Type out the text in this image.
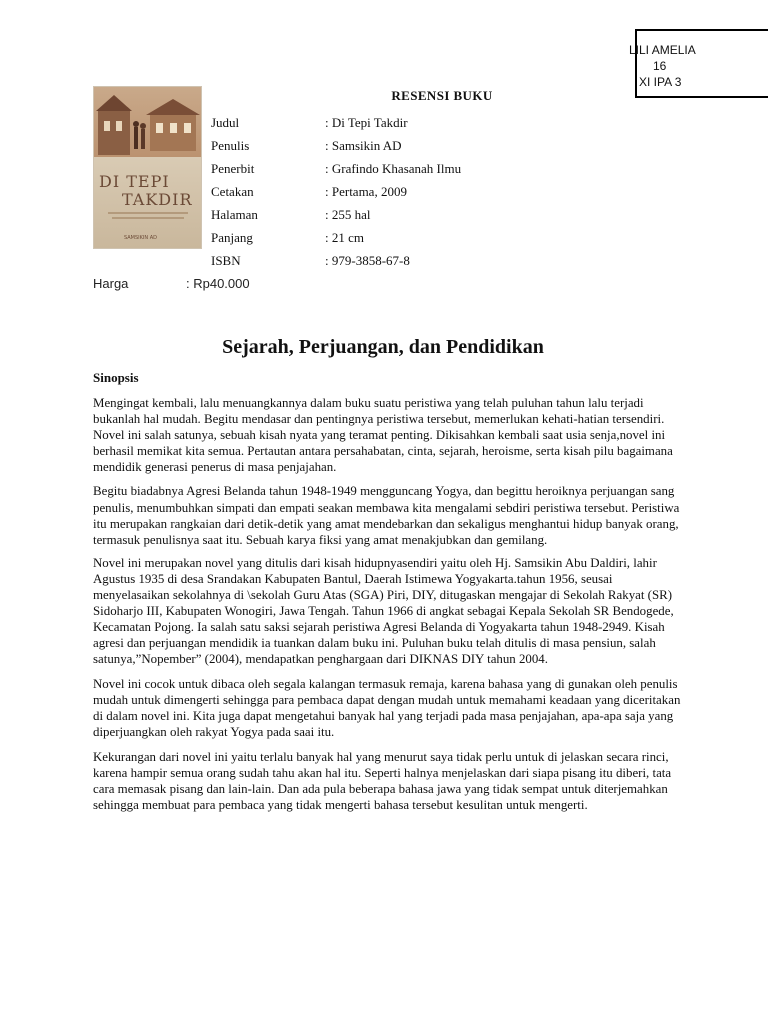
LILI AMELIA
16
XI IPA 3
DI TEPI
TAKDIR
SAMSIKIN AD
RESENSI BUKU
Judul	: Di Tepi Takdir
Penulis	: Samsikin AD
Penerbit	: Grafindo Khasanah Ilmu
Cetakan	: Pertama, 2009
Halaman	: 255 hal
Panjang	: 21 cm
ISBN	: 979-3858-67-8
Harga	: Rp40.000
Sejarah, Perjuangan, dan Pendidikan
Sinopsis

Mengingat kembali, lalu menuangkannya dalam buku suatu peristiwa yang telah puluhan tahun lalu terjadi bukanlah hal mudah. Begitu mendasar dan pentingnya peristiwa tersebut, memerlukan kehati-hatian tersendiri. Novel ini salah satunya, sebuah kisah nyata yang teramat penting. Dikisahkan kembali saat usia senja,novel ini berhasil memikat kita semua. Pertautan antara persahabatan, cinta, sejarah, heroisme, serta kisah pilu bagaimana mendidik generasi penerus di masa penjajahan.

Begitu biadabnya Agresi Belanda tahun 1948-1949 mengguncang Yogya, dan begittu heroiknya perjuangan sang penulis, menumbuhkan simpati dan empati seakan membawa kita mengalami sebdiri peristiwa tersebut. Peristiwa itu merupakan rangkaian dari detik-detik yang amat mendebarkan dan sekaligus menghantui hidup banyak orang, termasuk penulisnya saat itu. Sebuah karya fiksi yang amat menakjubkan dan gemilang.

Novel ini merupakan novel yang ditulis dari kisah hidupnyasendiri yaitu oleh Hj. Samsikin Abu Daldiri, lahir Agustus 1935 di desa Srandakan Kabupaten Bantul, Daerah Istimewa Yogyakarta.tahun 1956, seusai menyelasaikan sekolahnya di \sekolah Guru Atas (SGA) Piri, DIY, ditugaskan mengajar di Sekolah Rakyat (SR) Sidoharjo III, Kabupaten Wonogiri, Jawa Tengah. Tahun 1966 di angkat sebagai Kepala Sekolah SR Bendogede, Kecamatan Pojong. Ia salah satu saksi sejarah peristiwa Agresi Belanda di Yogyakarta tahun 1948-2949. Kisah agresi dan perjuangan mendidik ia tuankan dalam buku ini. Puluhan buku telah ditulis di masa pensiun, salah satunya,”Nopember” (2004), mendapatkan penghargaan dari DIKNAS DIY tahun 2004.

Novel ini cocok untuk dibaca oleh segala kalangan termasuk remaja, karena bahasa yang di gunakan oleh penulis mudah untuk dimengerti sehingga para pembaca dapat dengan mudah untuk memahami keadaan yang diceritakan di dalam novel ini. Kita juga dapat mengetahui banyak hal yang terjadi pada masa penjajahan, apa-apa saja yang diperjuangkan oleh rakyat Yogya pada saai itu.

Kekurangan dari novel ini yaitu terlalu banyak hal yang menurut saya tidak perlu untuk di jelaskan secara rinci, karena hampir semua orang sudah tahu akan hal itu. Seperti halnya menjelaskan dari siapa pisang itu diberi, tata cara memasak pisang dan lain-lain. Dan ada pula beberapa bahasa jawa yang tidak sempat untuk diterjemahkan sehingga membuat para pembaca yang tidak mengerti bahasa tersebut kesulitan untuk mengerti.
